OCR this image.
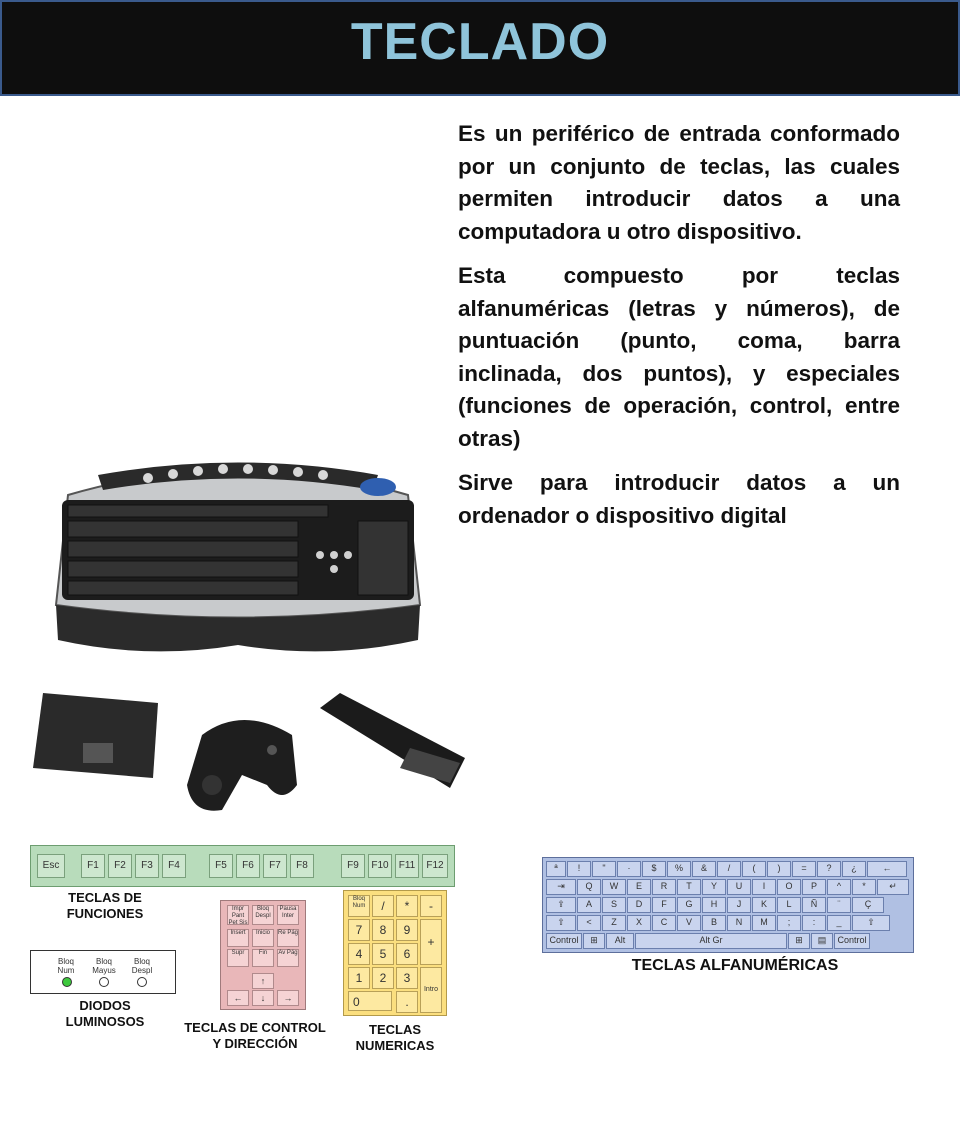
TECLADO

Es un periférico de entrada conformado por un conjunto de teclas, las cuales permiten introducir datos a una computadora u otro dispositivo.

Esta compuesto por teclas alfanuméricas (letras y números), de puntuación (punto, coma, barra inclinada, dos puntos), y especiales (funciones de operación, control, entre otras)

Sirve para introducir datos a un ordenador o dispositivo digital

Esc	F1	F2	F3	F4	F5	F6	F7	F8	F9	F10	F11	F12
TECLAS DE FUNCIONES
Bloq Num
Bloq Mayus
Bloq Despl
DIODOS LUMINOSOS
Impr Pant Pet Sis
Bloq Despl
Pausa Inter
Insert	Inicio	Re Pág
Supr	Fin	Av Pág
↑
←	↓	→
TECLAS DE CONTROL Y DIRECCIÓN
Bloq Num	/	*	-
7	8	9
+
4	5	6
1	2	3
Intro
0	.
TECLAS NUMERICAS
ª	!	"	·	$	%	&	/	(	)	=	?	¿	←
⇥	Q	W	E	R	T	Y	U	I	O	P	^	*	↵
⇪	A	S	D	F	G	H	J	K	L	Ñ	¨	Ç
⇧	<	Z	X	C	V	B	N	M	;	:	_	⇧
Control	⊞	Alt	Alt Gr	⊞	▤	Control
TECLAS ALFANUMÉRICAS
